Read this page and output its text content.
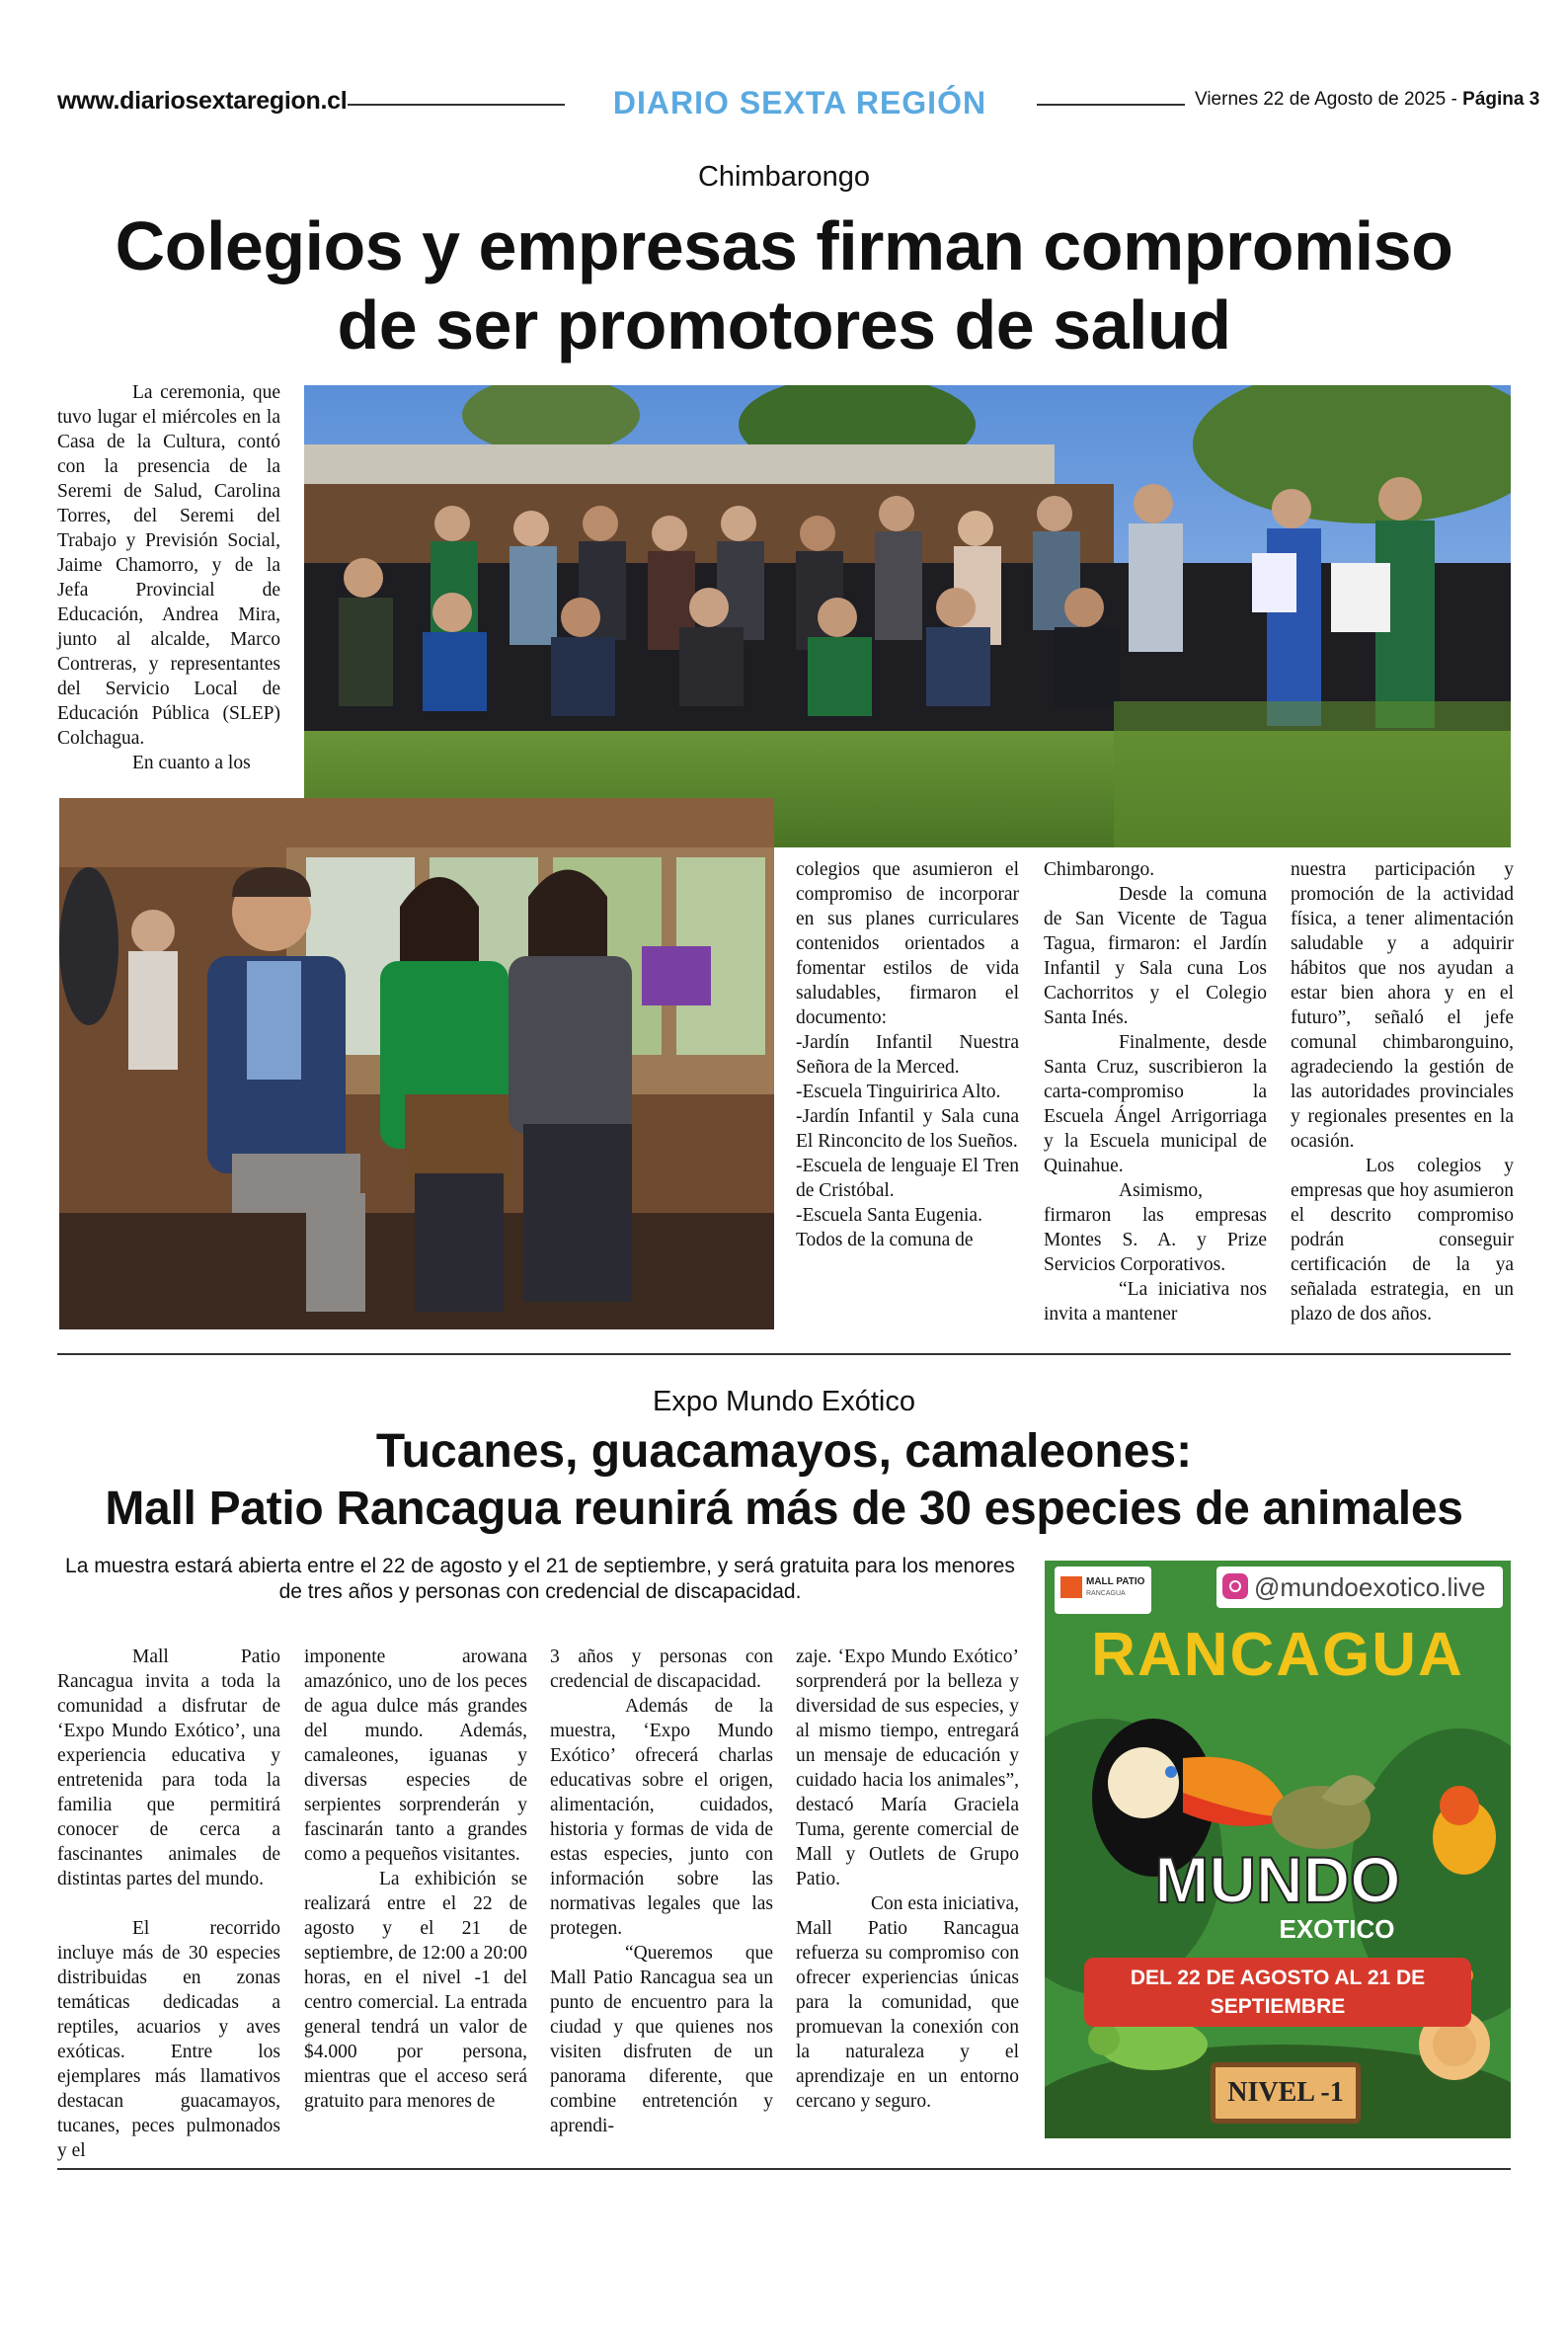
www.diariosextaregion.cl	DIARIO SEXTA REGIÓN	Viernes 22 de Agosto de 2025 - Página 3
Chimbarongo
Colegios y empresas firman compromiso
de ser promotores de salud

La ceremonia, que tuvo lugar el miércoles en la Casa de la Cultura, contó con la presencia de la Seremi de Salud, Carolina Torres, del Seremi del Trabajo y Previsión Social, Jaime Chamorro, y de la Jefa Provincial de Educación, Andrea Mira, junto al alcalde, Marco Contreras, y representantes del Servicio Local de Educación Pública (SLEP) Colchagua.

En cuanto a los

colegios que asumieron el compromiso de incorporar en sus planes curriculares contenidos orientados a fomentar estilos de vida saludables, firmaron el documento:

-Jardín Infantil Nuestra Señora de la Merced.

-Escuela Tinguiririca Alto.

-Jardín Infantil y Sala cuna El Rinconcito de los Sueños.

-Escuela de lenguaje El Tren de Cristóbal.

-Escuela Santa Eugenia.

Todos de la comuna de

Chimbarongo.

Desde la comuna de San Vicente de Tagua Tagua, firmaron: el Jardín Infantil y Sala cuna Los Cachorritos y el Colegio Santa Inés.

Finalmente, desde Santa Cruz, suscribieron la carta-compromiso la Escuela Ángel Arrigorriaga y la Escuela municipal de Quinahue.

Asimismo, firmaron las empresas Montes S. A. y Prize Servicios Corporativos.

“La iniciativa nos invita a mantener

nuestra participación y promoción de la actividad física, a tener alimentación saludable y a adquirir hábitos que nos ayudan a estar bien ahora y en el futuro”, señaló el jefe comunal chimbaronguino, agradeciendo la gestión de las autoridades provinciales y regionales presentes en la ocasión.

Los colegios y empresas que hoy asumieron el descrito compromiso podrán conseguir certificación de la ya señalada estrategia, en un plazo de dos años.

Expo Mundo Exótico
Tucanes, guacamayos, camaleones:
Mall Patio Rancagua reunirá más de 30 especies de animales
La muestra estará abierta entre el 22 de agosto y el 21 de septiembre, y será gratuita para los menores de tres años y personas con credencial de discapacidad.

Mall Patio Rancagua invita a toda la comunidad a disfrutar de ‘Expo Mundo Exótico’, una experiencia educativa y entretenida para toda la familia que permitirá conocer de cerca a fascinantes animales de distintas partes del mundo.

El recorrido incluye más de 30 especies distribuidas en zonas temáticas dedicadas a reptiles, acuarios y aves exóticas. Entre los ejemplares más llamativos destacan guacamayos, tucanes, peces pulmonados y el

imponente arowana amazónico, uno de los peces de agua dulce más grandes del mundo. Además, camaleones, iguanas y diversas especies de serpientes sorprenderán y fascinarán tanto a grandes como a pequeños visitantes.

La exhibición se realizará entre el 22 de agosto y el 21 de septiembre, de 12:00 a 20:00 horas, en el nivel -1 del centro comercial. La entrada general tendrá un valor de $4.000 por persona, mientras que el acceso será gratuito para menores de

3 años y personas con credencial de discapacidad.

Además de la muestra, ‘Expo Mundo Exótico’ ofrecerá charlas educativas sobre el origen, alimentación, cuidados, historia y formas de vida de estas especies, junto con información sobre las normativas legales que las protegen.

“Queremos que Mall Patio Rancagua sea un punto de encuentro para la ciudad y que quienes nos visiten disfruten de un panorama diferente, que combine entretención y aprendi-

zaje. ‘Expo Mundo Exótico’ sorprenderá por la belleza y diversidad de sus especies, y al mismo tiempo, entregará un mensaje de educación y cuidado hacia los animales”, destacó María Graciela Tuma, gerente comercial de Mall y Outlets de Grupo Patio.

Con esta iniciativa, Mall Patio Rancagua refuerza su compromiso con ofrecer experiencias únicas para la comunidad, que promuevan la conexión con la naturaleza y el aprendizaje en un entorno cercano y seguro.

MALL PATIO
RANCAGUA	@mundoexotico.live
RANCAGUA
MUNDO
EXOTICO
DEL 22 DE AGOSTO AL 21 DE
SEPTIEMBRE
NIVEL -1
